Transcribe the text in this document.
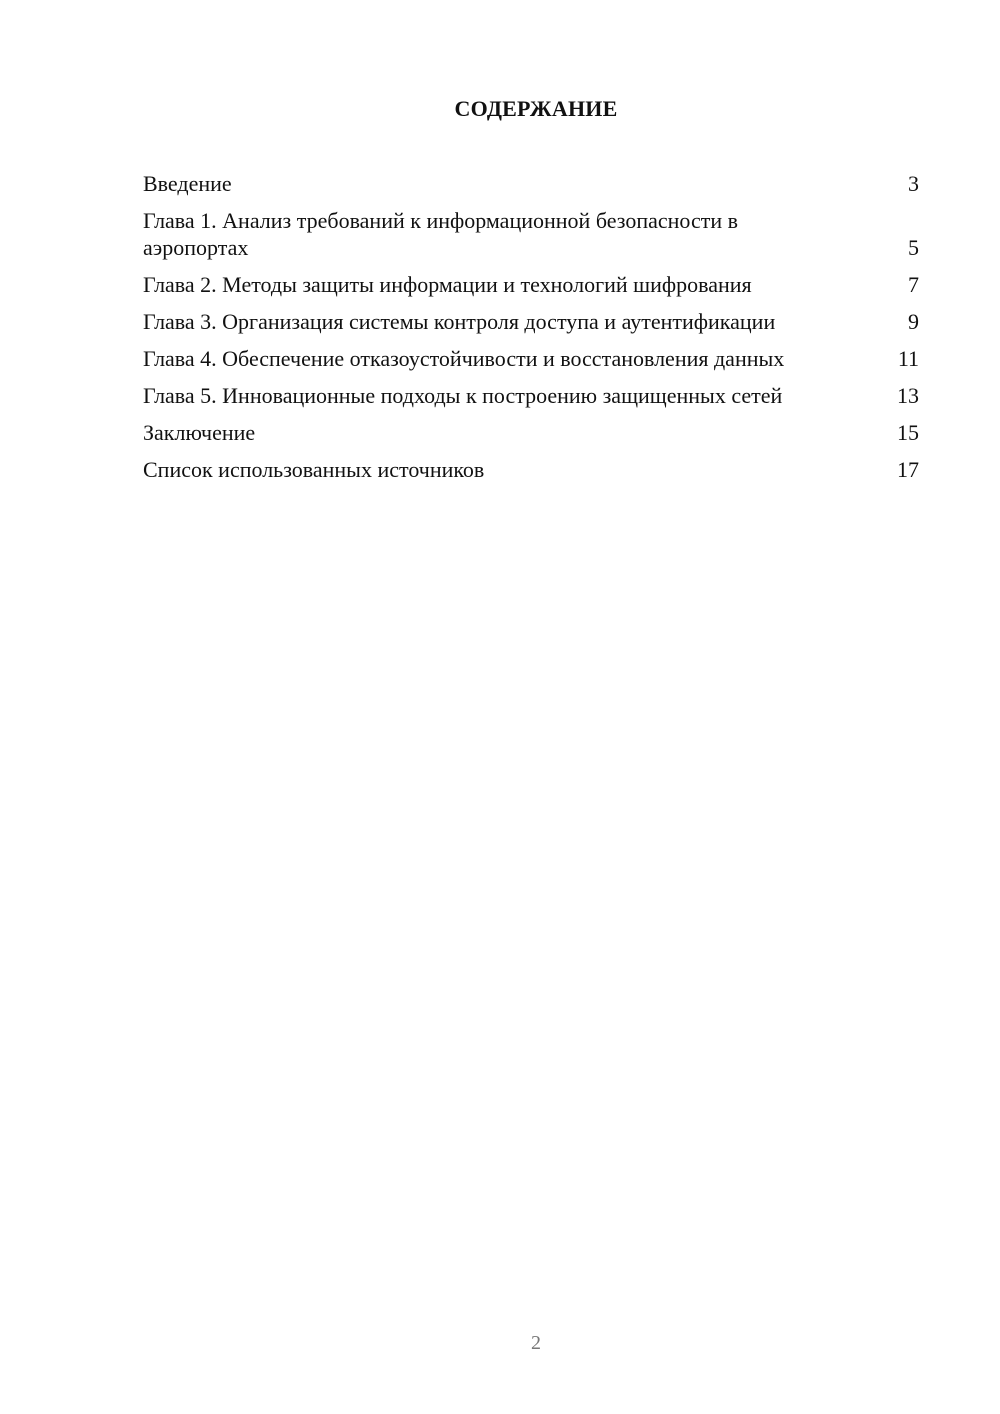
СОДЕРЖАНИЕ
Введение	3
Глава 1. Анализ требований к информационной безопасности в аэропортах	5
Глава 2. Методы защиты информации и технологий шифрования	7
Глава 3. Организация системы контроля доступа и аутентификации	9
Глава 4. Обеспечение отказоустойчивости и восстановления данных	11
Глава 5. Инновационные подходы к построению защищенных сетей	13
Заключение	15
Список использованных источников	17
2
